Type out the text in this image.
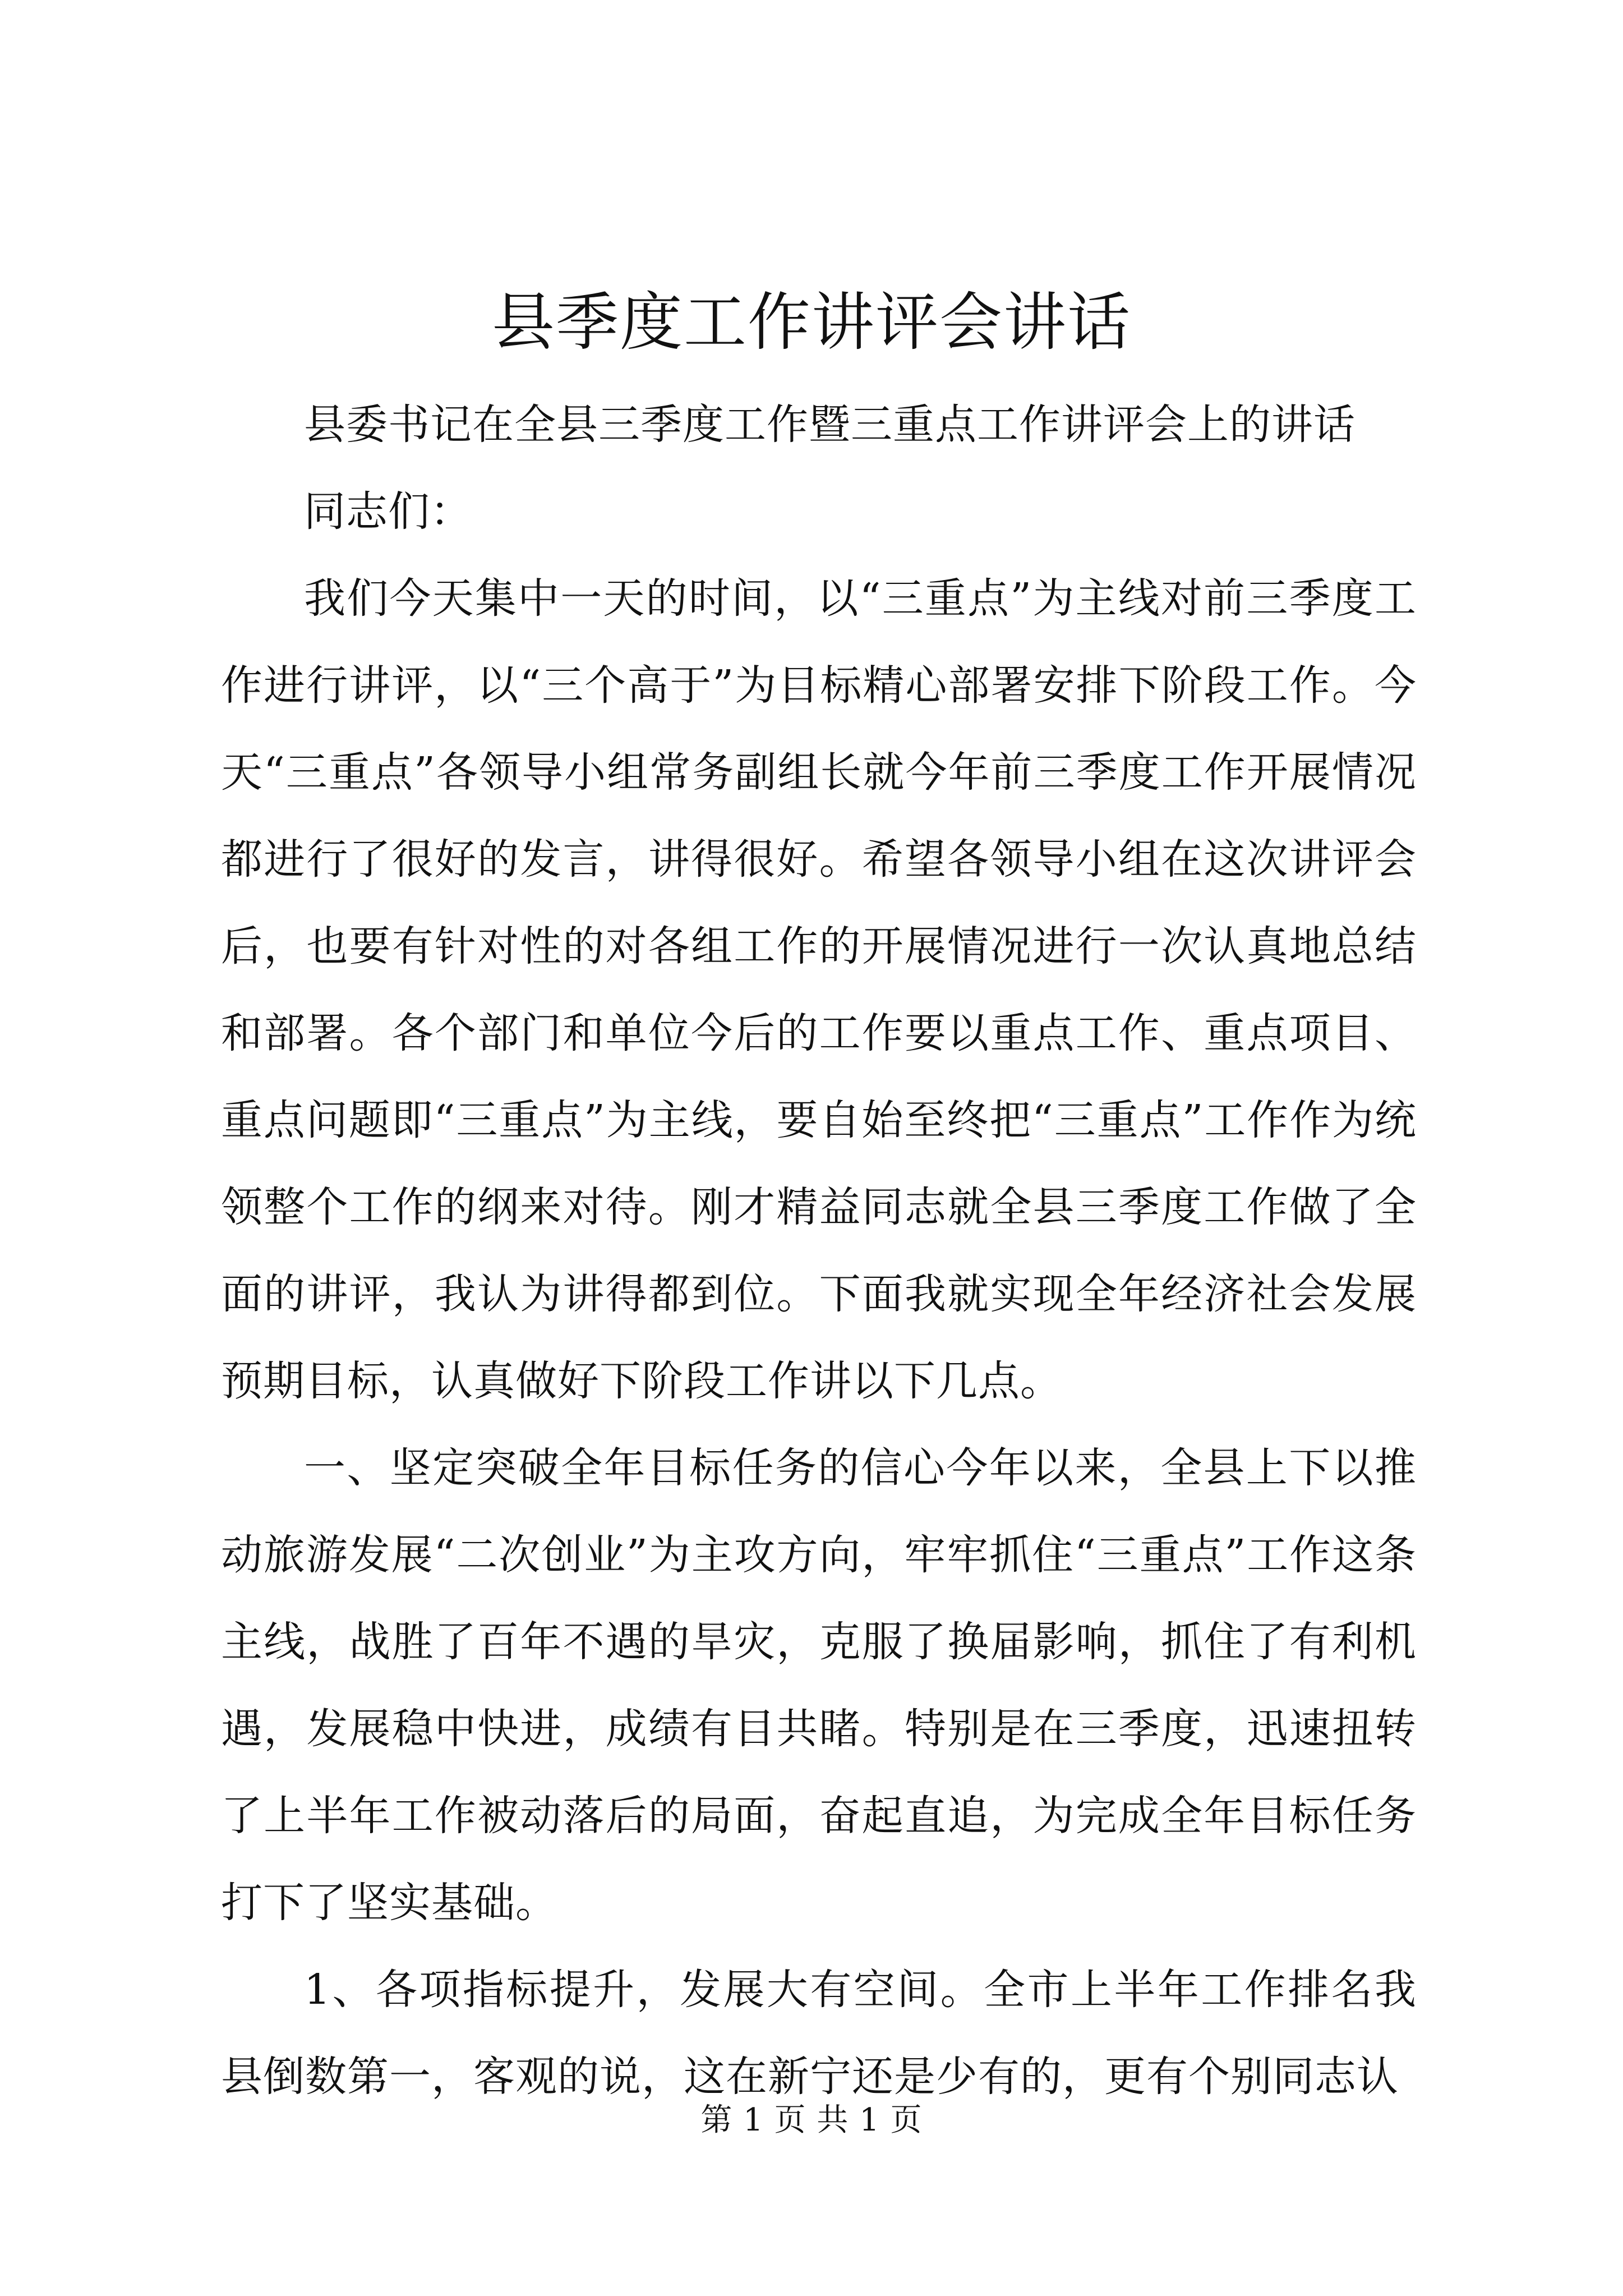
县季度工作讲评会讲话

县委书记在全县三季度工作暨三重点工作讲评会上的讲话

同志们：

我们今天集中一天的时间，以“三重点”为主线对前三季度工作进行讲评，以“三个高于”为目标精心部署安排下阶段工作。今天“三重点”各领导小组常务副组长就今年前三季度工作开展情况都进行了很好的发言，讲得很好。希望各领导小组在这次讲评会后，也要有针对性的对各组工作的开展情况进行一次认真地总结和部署。各个部门和单位今后的工作要以重点工作、重点项目、重点问题即“三重点”为主线，要自始至终把“三重点”工作作为统领整个工作的纲来对待。刚才精益同志就全县三季度工作做了全面的讲评，我认为讲得都到位。下面我就实现全年经济社会发展预期目标，认真做好下阶段工作讲以下几点。

一、坚定突破全年目标任务的信心今年以来，全县上下以推动旅游发展“二次创业”为主攻方向，牢牢抓住“三重点”工作这条主线，战胜了百年不遇的旱灾，克服了换届影响，抓住了有利机遇，发展稳中快进，成绩有目共睹。特别是在三季度，迅速扭转了上半年工作被动落后的局面，奋起直追，为完成全年目标任务打下了坚实基础。

1、各项指标提升，发展大有空间。全市上半年工作排名我县倒数第一，客观的说，这在新宁还是少有的，更有个别同志认

第 1 页 共 1 页
